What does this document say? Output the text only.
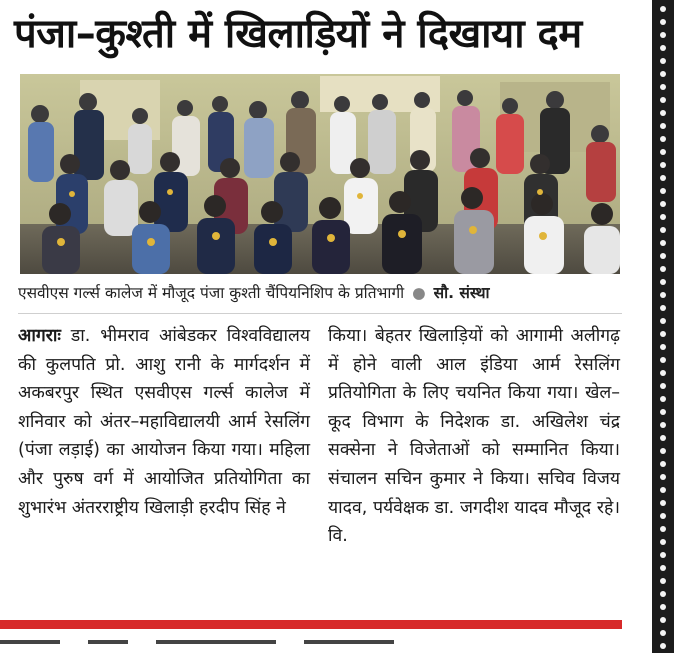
पंजा–कुश्ती में खिलाड़ियों ने दिखाया दम
एसवीएस गर्ल्स कालेज में मौजूद पंजा कुश्ती चैंपियनिशिप के प्रतिभागी ● सौ. संस्था
आगराः डा. भीमराव आंबेडकर विश्वविद्यालय की कुलपति प्रो. आशु रानी के मार्गदर्शन में अकबरपुर स्थित एसवीएस गर्ल्स कालेज में शनिवार को अंतर–महाविद्यालयी आर्म रेसलिंग (पंजा लड़ाई) का आयोजन किया गया। महिला और पुरुष वर्ग में आयोजित प्रतियोगिता का शुभारंभ अंतरराष्ट्रीय खिलाड़ी हरदीप सिंह ने
किया। बेहतर खिलाड़ियों को आगामी अलीगढ़ में होने वाली आल इंडिया आर्म रेसलिंग प्रतियोगिता के लिए चयनित किया गया। खेल–कूद विभाग के निदेशक डा. अखिलेश चंद्र सक्सेना ने विजेताओं को सम्मानित किया। संचालन सचिन कुमार ने किया। सचिव विजय यादव, पर्यवेक्षक डा. जगदीश यादव मौजूद रहे। वि.
